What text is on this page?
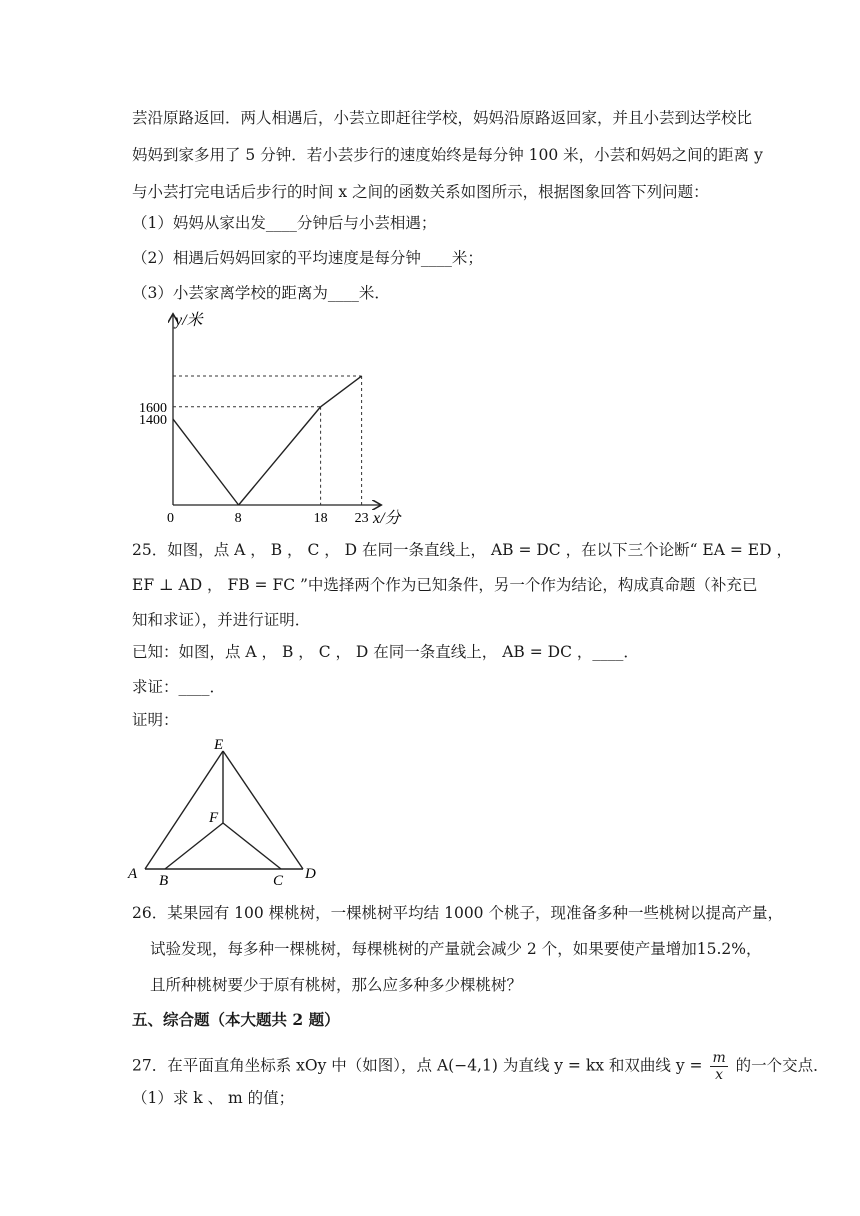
芸沿原路返回．两人相遇后，小芸立即赶往学校，妈妈沿原路返回家，并且小芸到达学校比
妈妈到家多用了 5 分钟．若小芸步行的速度始终是每分钟 100 米，小芸和妈妈之间的距离 y
与小芸打完电话后步行的时间 x 之间的函数关系如图所示，根据图象回答下列问题：
（1）妈妈从家出发____分钟后与小芸相遇；
（2）相遇后妈妈回家的平均速度是每分钟____米；
（3）小芸家离学校的距离为____米．
y/米
x/分
0	8	18 23
1400
1600
25．如图，点 A ， B ， C ， D 在同一条直线上， AB = DC ，在以下三个论断“ EA = ED ，
EF ⊥ AD ， FB = FC ”中选择两个作为已知条件，另一个作为结论，构成真命题（补充已
知和求证），并进行证明．
已知：如图，点 A ， B ， C ， D 在同一条直线上， AB = DC ，____．
求证：____．
证明：
E
F
A B	C D
26．某果园有 100 棵桃树，一棵桃树平均结 1000 个桃子，现准备多种一些桃树以提高产量，
试验发现，每多种一棵桃树，每棵桃树的产量就会减少 2 个，如果要使产量增加15.2%，
且所种桃树要少于原有桃树，那么应多种多少棵桃树？
五、综合题（本大题共 2 题）
27．在平面直角坐标系 xOy 中（如图），点 A(−4,1) 为直线 y = kx 和双曲线 $y = \frac{m}{x}$ 的一个交点．
（1）求 k 、 m 的值；
